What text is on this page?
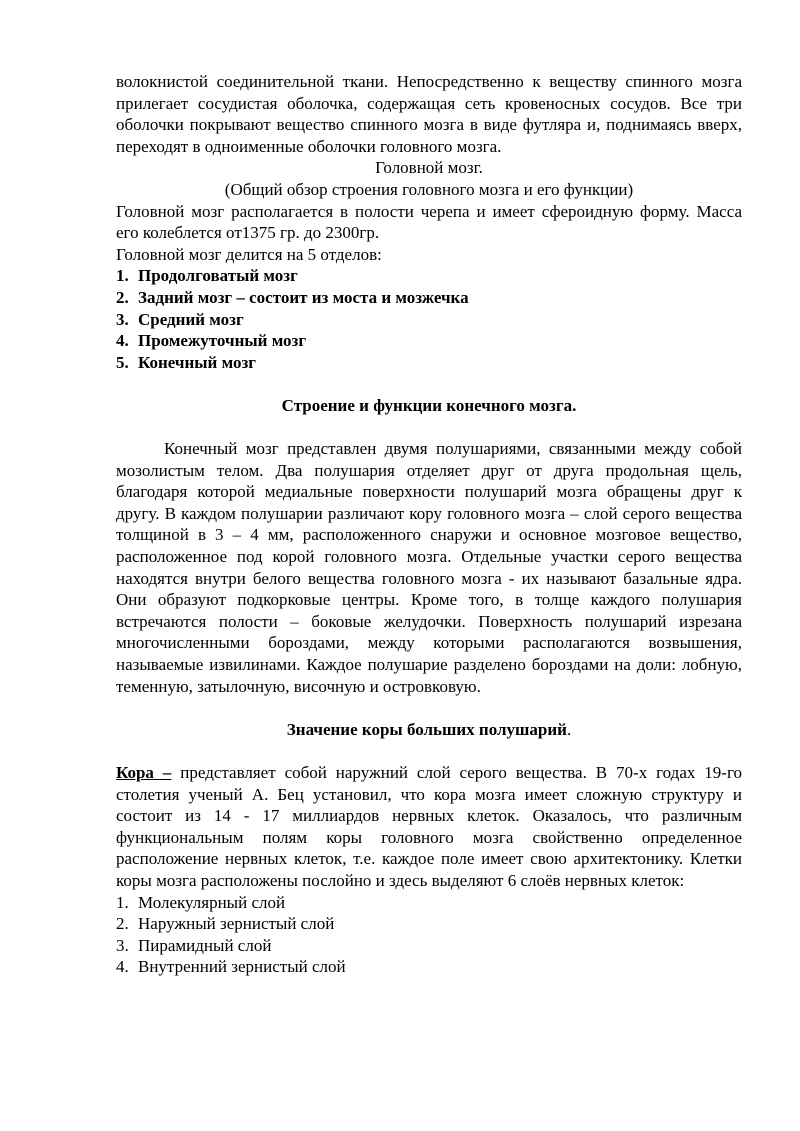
волокнистой соединительной ткани. Непосредственно к веществу спинного мозга прилегает сосудистая оболочка, содержащая сеть кровеносных сосудов. Все три оболочки покрывают вещество спинного мозга в виде футляра и, поднимаясь вверх, переходят в одноименные оболочки головного мозга.

Головной мозг.

(Общий обзор строения головного мозга и его функции)

Головной мозг располагается в полости черепа и имеет сфероидную форму. Масса его колеблется от1375 гр. до 2300гр.

Головной мозг делится на 5 отделов:

1. Продолговатый мозг
2. Задний мозг – состоит из моста и мозжечка
3. Средний мозг
4. Промежуточный мозг
5. Конечный мозг

Строение и функции конечного мозга.

Конечный мозг представлен двумя полушариями, связанными между собой мозолистым телом. Два полушария отделяет друг от друга продольная щель, благодаря которой медиальные поверхности полушарий мозга обращены друг к другу. В каждом полушарии различают кору головного мозга – слой серого вещества толщиной в 3 – 4 мм, расположенного снаружи и основное мозговое вещество, расположенное под корой головного мозга. Отдельные участки серого вещества находятся внутри белого вещества головного мозга - их называют базальные ядра. Они образуют подкорковые центры. Кроме того, в толще каждого полушария встречаются полости – боковые желудочки. Поверхность полушарий изрезана многочисленными бороздами, между которыми располагаются возвышения, называемые извилинами. Каждое полушарие разделено бороздами на доли: лобную, теменную, затылочную, височную и островковую.

Значение коры больших полушарий.

Кора – представляет собой наружний слой серого вещества. В 70-х годах 19-го столетия ученый А. Бец установил, что кора мозга имеет сложную структуру и состоит из 14 - 17 миллиардов нервных клеток. Оказалось, что различным функциональным полям коры головного мозга свойственно определенное расположение нервных клеток, т.е. каждое поле имеет свою архитектонику. Клетки коры мозга расположены послойно и здесь выделяют 6 слоёв нервных клеток:

1. Молекулярный слой
2. Наружный зернистый слой
3. Пирамидный слой
4. Внутренний зернистый слой
